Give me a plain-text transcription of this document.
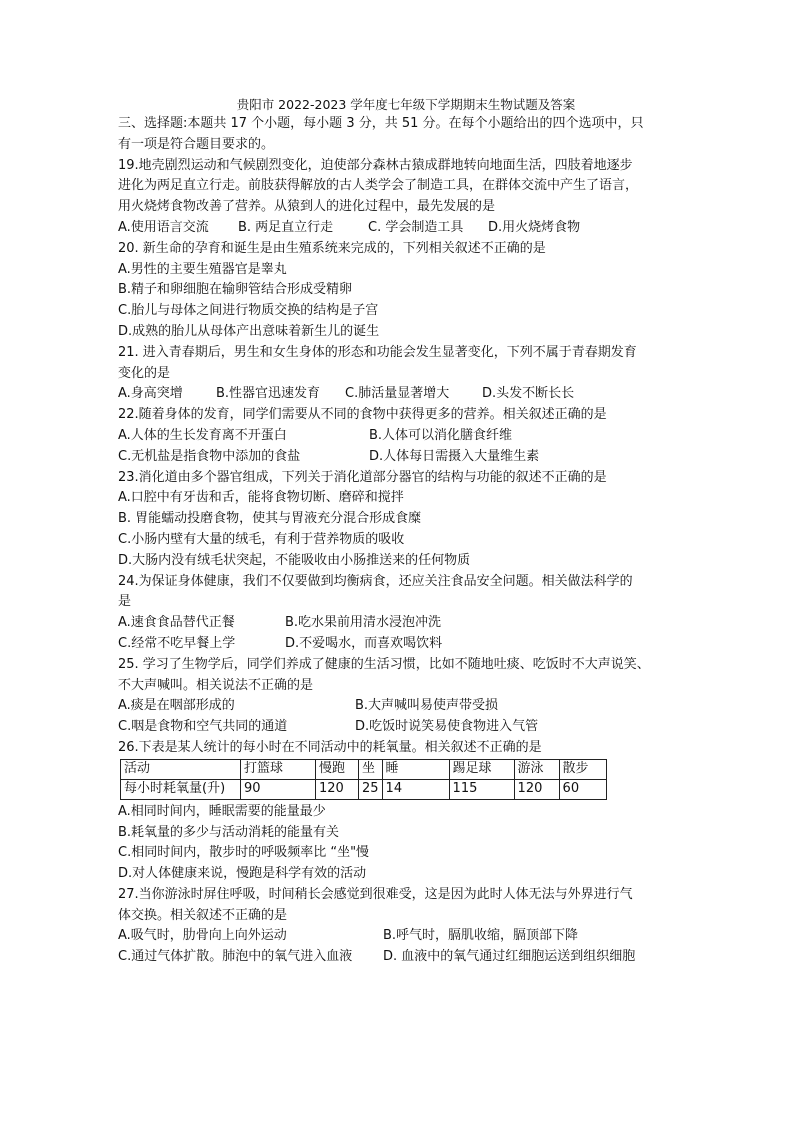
贵阳市 2022-2023 学年度七年级下学期期末生物试题及答案
三、选择题:本题共 17 个小题，每小题 3 分，共 51 分。在每个小题给出的四个选项中，只
有一项是符合题目要求的。
19.地壳剧烈运动和气候剧烈变化，迫使部分森林古猿成群地转向地面生活，四肢着地逐步
进化为两足直立行走。前肢获得解放的古人类学会了制造工具，在群体交流中产生了语言，
用火烧烤食物改善了营养。从猿到人的进化过程中，最先发展的是
A.使用语言交流 B. 两足直立行走	C. 学会制造工具 D.用火烧烤食物
20. 新生命的孕育和诞生是由生殖系统来完成的，下列相关叙述不正确的是
A.男性的主要生殖器官是睾丸
B.精子和卵细胞在输卵管结合形成受精卵
C.胎儿与母体之间进行物质交换的结构是子宫
D.成熟的胎儿从母体产出意味着新生儿的诞生
21. 进入青春期后，男生和女生身体的形态和功能会发生显著变化，下列不属于青春期发育
变化的是
A.身高突增	B.性器官迅速发育 C.肺活量显著增大	D.头发不断长长
22.随着身体的发育，同学们需要从不同的食物中获得更多的营养。相关叙述正确的是
A.人体的生长发育离不开蛋白	B.人体可以消化膳食纤维
C.无机盐是指食物中添加的食盐	D.人体每日需摄入大量维生素
23.消化道由多个器官组成，下列关于消化道部分器官的结构与功能的叙述不正确的是
A.口腔中有牙齿和舌，能将食物切断、磨碎和搅拌
B. 胃能蠕动投磨食物，使其与胃液充分混合形成食糜
C.小肠内壁有大量的绒毛，有利于营养物质的吸收
D.大肠内没有绒毛状突起，不能吸收由小肠推送来的任何物质
24.为保证身体健康，我们不仅要做到均衡病食，还应关注食品安全问题。相关做法科学的
是
A.速食食品替代正餐	B.吃水果前用清水浸泡冲洗
C.经常不吃早餐上学	D.不爱喝水，而喜欢喝饮料
25. 学习了生物学后，同学们养成了健康的生活习惯，比如不随地吐痰、吃饭时不大声说笑、
不大声喊叫。相关说法不正确的是
A.痰是在咽部形成的	B.大声喊叫易使声带受损
C.咽是食物和空气共同的通道	D.吃饭时说笑易使食物进入气管
26.下表是某人统计的每小时在不同活动中的耗氧量。相关叙述不正确的是
活动	打篮球	慢跑	坐	睡	踢足球	游泳	散步
每小时耗氧量(升)	90	120	25	14	115	120	60
A.相同时间内，睡眠需要的能量最少
B.耗氧量的多少与活动消耗的能量有关
C.相同时间内，散步时的呼吸频率比 “坐"慢
D.对人体健康来说，慢跑是科学有效的活动
27.当你游泳时屏住呼吸，时间稍长会感觉到很难受，这是因为此时人体无法与外界进行气
体交换。相关叙述不正确的是
A.吸气时，肋骨向上向外运动	B.呼气时，膈肌收缩，膈顶部下降
C.通过气体扩散。肺泡中的氧气进入血液 D. 血液中的氧气通过红细胞运送到组织细胞
